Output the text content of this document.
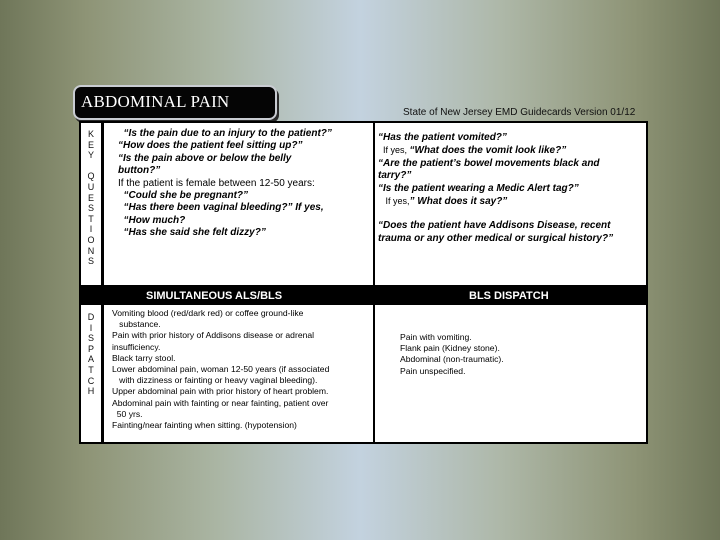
ABDOMINAL PAIN
State of New Jersey EMD Guidecards Version 01/12
K
E
Y
Q
U
E
S
T
I
O
N
S
“Is the pain due to an injury to the patient?”
“How does the patient feel sitting up?”
“Is the pain above or below the belly
button?”
If the patient is female between 12-50 years:
“Could she be pregnant?”
“Has there been vaginal bleeding?” If yes,
“How much?
“Has she said she felt dizzy?”
“Has the patient vomited?”
If yes, “What does the vomit look like?”
“Are the patient’s bowel movements black and
tarry?”
“Is the patient wearing a Medic Alert tag?”
If yes,” What does it say?”
“Does the patient have Addisons Disease, recent
trauma or any other medical or surgical history?”
SIMULTANEOUS ALS/BLS	BLS DISPATCH
Vomiting blood (red/dark red) or coffee ground-like
substance.
Pain with prior history of Addisons disease or adrenal
insufficiency.
Black tarry stool.
Lower abdominal pain, woman 12-50 years (if associated
with dizziness or fainting or heavy vaginal bleeding).
Upper abdominal pain with prior history of heart problem.
Abdominal pain with fainting or near fainting, patient over
50 yrs.
Fainting/near fainting when sitting. (hypotension)
Pain with vomiting.
Flank pain (Kidney stone).
Abdominal (non-traumatic).
Pain unspecified.
D
I
S
P
A
T
C
H
